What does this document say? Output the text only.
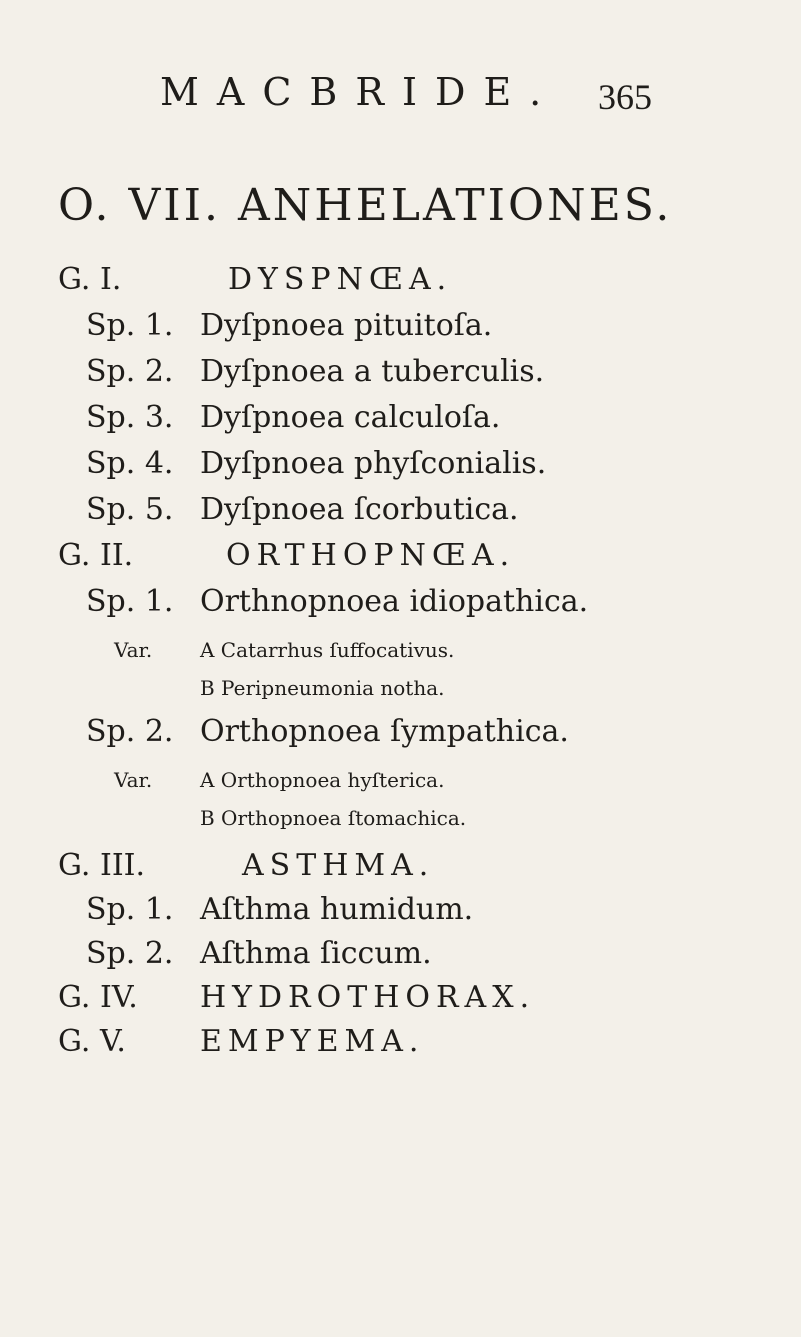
MACBRIDE. 365
O. VII. ANHELATIONES.
G. I.	DYSPNŒA.
Sp. 1. Dyſpnoea pituitoſa.
Sp. 2. Dyſpnoea a tuberculis.
Sp. 3. Dyſpnoea calculoſa.
Sp. 4. Dyſpnoea phyſconialis.
Sp. 5. Dyſpnoea ſcorbutica.
G. II.	ORTHOPNŒA.
Sp. 1. Orthnopnoea idiopathica.
Var. A Catarrhus ſuffocativus.
B Peripneumonia notha.
Sp. 2. Orthopnoea ſympathica.
Var. A Orthopnoea hyſterica.
B Orthopnoea ſtomachica.
G. III.	ASTHMA.
Sp. 1. Aſthma humidum.
Sp. 2. Aſthma ſiccum.
G. IV. HYDROTHORAX.
G. V. EMPYEMA.
